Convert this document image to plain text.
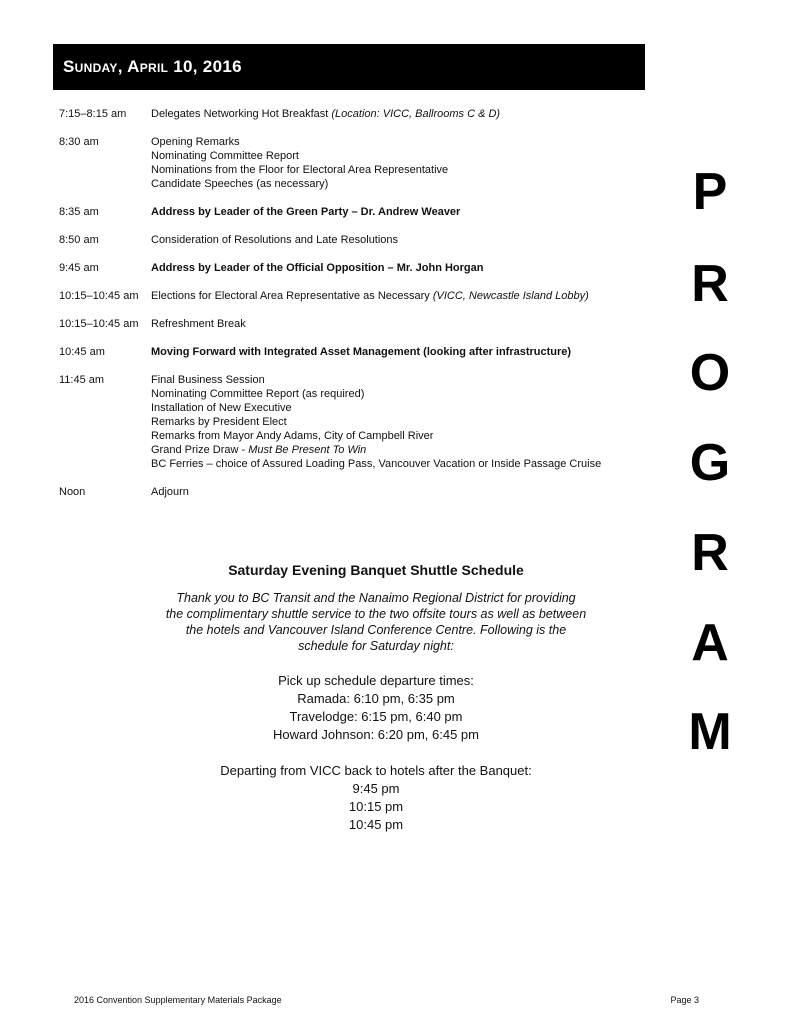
Sunday, April 10, 2016
7:15–8:15 am	Delegates Networking Hot Breakfast (Location: VICC, Ballrooms C & D)
8:30 am	Opening Remarks
Nominating Committee Report
Nominations from the Floor for Electoral Area Representative
Candidate Speeches (as necessary)
8:35 am	Address by Leader of the Green Party – Dr. Andrew Weaver
8:50 am	Consideration of Resolutions and Late Resolutions
9:45 am	Address by Leader of the Official Opposition – Mr. John Horgan
10:15–10:45 am	Elections for Electoral Area Representative as Necessary (VICC, Newcastle Island Lobby)
10:15–10:45 am	Refreshment Break
10:45 am	Moving Forward with Integrated Asset Management (looking after infrastructure)
11:45 am	Final Business Session
Nominating Committee Report (as required)
Installation of New Executive
Remarks by President Elect
Remarks from Mayor Andy Adams, City of Campbell River
Grand Prize Draw - Must Be Present To Win
BC Ferries – choice of Assured Loading Pass, Vancouver Vacation or Inside Passage Cruise
Noon	Adjourn
Saturday Evening Banquet Shuttle Schedule
Thank you to BC Transit and the Nanaimo Regional District for providing
the complimentary shuttle service to the two offsite tours as well as between
the hotels and Vancouver Island Conference Centre. Following is the
schedule for Saturday night:
Pick up schedule departure times:
Ramada: 6:10 pm, 6:35 pm
Travelodge: 6:15 pm, 6:40 pm
Howard Johnson: 6:20 pm, 6:45 pm
Departing from VICC back to hotels after the Banquet:
9:45 pm
10:15 pm
10:45 pm
P
R
O
G
R
A
M
2016 Convention Supplementary Materials Package	Page 3
